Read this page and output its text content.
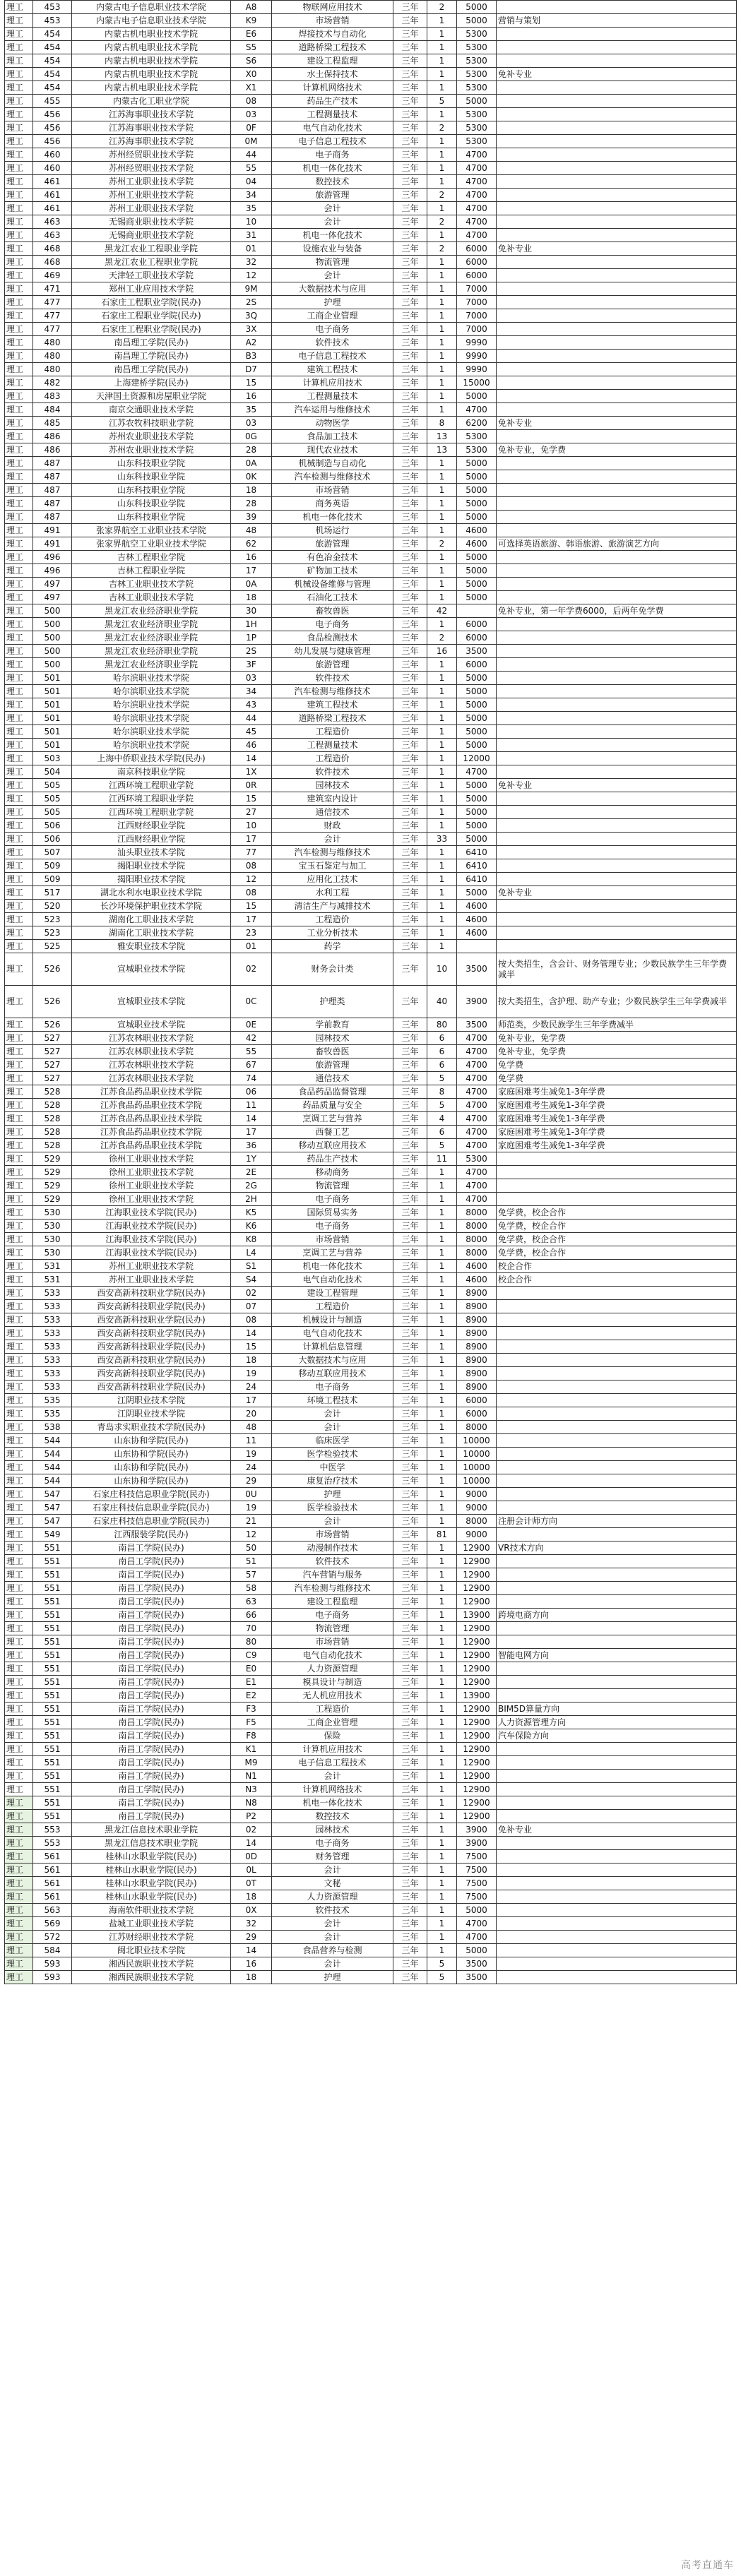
理工	453	内蒙古电子信息职业技术学院	A8	物联网应用技术	三年	2	5000	
理工	453	内蒙古电子信息职业技术学院	K9	市场营销	三年	1	5000	营销与策划
理工	454	内蒙古机电职业技术学院	E6	焊接技术与自动化	三年	1	5300	
理工	454	内蒙古机电职业技术学院	S5	道路桥梁工程技术	三年	1	5300	
理工	454	内蒙古机电职业技术学院	S6	建设工程监理	三年	1	5300	
理工	454	内蒙古机电职业技术学院	X0	水土保持技术	三年	1	5300	免补专业
理工	454	内蒙古机电职业技术学院	X1	计算机网络技术	三年	1	5300	
理工	455	内蒙古化工职业学院	08	药品生产技术	三年	5	5000	
理工	456	江苏海事职业技术学院	03	工程测量技术	三年	1	5300	
理工	456	江苏海事职业技术学院	0F	电气自动化技术	三年	2	5300	
理工	456	江苏海事职业技术学院	0M	电子信息工程技术	三年	1	5300	
理工	460	苏州经贸职业技术学院	44	电子商务	三年	1	4700	
理工	460	苏州经贸职业技术学院	55	机电一体化技术	三年	1	4700	
理工	461	苏州工业职业技术学院	04	数控技术	三年	1	4700	
理工	461	苏州工业职业技术学院	34	旅游管理	三年	2	4700	
理工	461	苏州工业职业技术学院	35	会计	三年	1	4700	
理工	463	无锡商业职业技术学院	10	会计	三年	2	4700	
理工	463	无锡商业职业技术学院	31	机电一体化技术	三年	1	4700	
理工	468	黑龙江农业工程职业学院	01	设施农业与装备	三年	2	6000	免补专业
理工	468	黑龙江农业工程职业学院	32	物流管理	三年	1	6000	
理工	469	天津轻工职业技术学院	12	会计	三年	1	6000	
理工	471	郑州工业应用技术学院	9M	大数据技术与应用	三年	1	7000	
理工	477	石家庄工程职业学院(民办)	2S	护理	三年	1	7000	
理工	477	石家庄工程职业学院(民办)	3Q	工商企业管理	三年	1	7000	
理工	477	石家庄工程职业学院(民办)	3X	电子商务	三年	1	7000	
理工	480	南昌理工学院(民办)	A2	软件技术	三年	1	9990	
理工	480	南昌理工学院(民办)	B3	电子信息工程技术	三年	1	9990	
理工	480	南昌理工学院(民办)	D7	建筑工程技术	三年	1	9990	
理工	482	上海建桥学院(民办)	15	计算机应用技术	三年	1	15000	
理工	483	天津国土资源和房屋职业学院	16	工程测量技术	三年	1	5000	
理工	484	南京交通职业技术学院	35	汽车运用与维修技术	三年	1	4700	
理工	485	江苏农牧科技职业学院	03	动物医学	三年	8	6200	免补专业
理工	486	苏州农业职业技术学院	0G	食品加工技术	三年	13	5300	
理工	486	苏州农业职业技术学院	28	现代农业技术	三年	13	5300	免补专业，免学费
理工	487	山东科技职业学院	0A	机械制造与自动化	三年	1	5000	
理工	487	山东科技职业学院	0K	汽车检测与维修技术	三年	1	5000	
理工	487	山东科技职业学院	18	市场营销	三年	1	5000	
理工	487	山东科技职业学院	28	商务英语	三年	1	5000	
理工	487	山东科技职业学院	39	机电一体化技术	三年	1	5000	
理工	491	张家界航空工业职业技术学院	48	机场运行	三年	1	4600	
理工	491	张家界航空工业职业技术学院	62	旅游管理	三年	2	4600	可选择英语旅游、韩语旅游、旅游演艺方向
理工	496	吉林工程职业学院	16	有色冶金技术	三年	1	5000	
理工	496	吉林工程职业学院	17	矿物加工技术	三年	1	5000	
理工	497	吉林工业职业技术学院	0A	机械设备维修与管理	三年	1	5000	
理工	497	吉林工业职业技术学院	18	石油化工技术	三年	1	5000	
理工	500	黑龙江农业经济职业学院	30	畜牧兽医	三年	42		免补专业，第一年学费6000，后两年免学费
理工	500	黑龙江农业经济职业学院	1H	电子商务	三年	1	6000	
理工	500	黑龙江农业经济职业学院	1P	食品检测技术	三年	2	6000	
理工	500	黑龙江农业经济职业学院	2S	幼儿发展与健康管理	三年	16	3500	
理工	500	黑龙江农业经济职业学院	3F	旅游管理	三年	1	6000	
理工	501	哈尔滨职业技术学院	03	软件技术	三年	1	5000	
理工	501	哈尔滨职业技术学院	34	汽车检测与维修技术	三年	1	5000	
理工	501	哈尔滨职业技术学院	43	建筑工程技术	三年	1	5000	
理工	501	哈尔滨职业技术学院	44	道路桥梁工程技术	三年	1	5000	
理工	501	哈尔滨职业技术学院	45	工程造价	三年	1	5000	
理工	501	哈尔滨职业技术学院	46	工程测量技术	三年	1	5000	
理工	503	上海中侨职业技术学院(民办)	14	工程造价	三年	1	12000	
理工	504	南京科技职业学院	1X	软件技术	三年	1	4700	
理工	505	江西环境工程职业学院	0R	园林技术	三年	1	5000	免补专业
理工	505	江西环境工程职业学院	15	建筑室内设计	三年	1	5000	
理工	505	江西环境工程职业学院	27	通信技术	三年	1	5000	
理工	506	江西财经职业学院	10	财政	三年	1	5000	
理工	506	江西财经职业学院	17	会计	三年	33	5000	
理工	507	汕头职业技术学院	77	汽车检测与维修技术	三年	1	6410	
理工	509	揭阳职业技术学院	08	宝玉石鉴定与加工	三年	1	6410	
理工	509	揭阳职业技术学院	12	应用化工技术	三年	1	6410	
理工	517	湖北水利水电职业技术学院	08	水利工程	三年	1	5000	免补专业
理工	520	长沙环境保护职业技术学院	15	清洁生产与减排技术	三年	1	4600	
理工	523	湖南化工职业技术学院	17	工程造价	三年	1	4600	
理工	523	湖南化工职业技术学院	23	工业分析技术	三年	1	4600	
理工	525	雅安职业技术学院	01	药学	三年	1		
理工	526	宣城职业技术学院	02	财务会计类	三年	10	3500	按大类招生，含会计、财务管理专业；少数民族学生三年学费减半
理工	526	宣城职业技术学院	0C	护理类	三年	40	3900	按大类招生，含护理、助产专业；少数民族学生三年学费减半
理工	526	宣城职业技术学院	0E	学前教育	三年	80	3500	师范类，少数民族学生三年学费减半
理工	527	江苏农林职业技术学院	42	园林技术	三年	6	4700	免补专业，免学费
理工	527	江苏农林职业技术学院	55	畜牧兽医	三年	6	4700	免补专业，免学费
理工	527	江苏农林职业技术学院	67	旅游管理	三年	6	4700	免学费
理工	527	江苏农林职业技术学院	74	通信技术	三年	5	4700	免学费
理工	528	江苏食品药品职业技术学院	06	食品药品监督管理	三年	8	4700	家庭困难考生减免1-3年学费
理工	528	江苏食品药品职业技术学院	11	药品质量与安全	三年	5	4700	家庭困难考生减免1-3年学费
理工	528	江苏食品药品职业技术学院	14	烹调工艺与营养	三年	4	4700	家庭困难考生减免1-3年学费
理工	528	江苏食品药品职业技术学院	17	西餐工艺	三年	6	4700	家庭困难考生减免1-3年学费
理工	528	江苏食品药品职业技术学院	36	移动互联应用技术	三年	5	4700	家庭困难考生减免1-3年学费
理工	529	徐州工业职业技术学院	1Y	药品生产技术	三年	11	5300	
理工	529	徐州工业职业技术学院	2E	移动商务	三年	1	4700	
理工	529	徐州工业职业技术学院	2G	物流管理	三年	1	4700	
理工	529	徐州工业职业技术学院	2H	电子商务	三年	1	4700	
理工	530	江海职业技术学院(民办)	K5	国际贸易实务	三年	1	8000	免学费，校企合作
理工	530	江海职业技术学院(民办)	K6	电子商务	三年	1	8000	免学费，校企合作
理工	530	江海职业技术学院(民办)	K8	市场营销	三年	1	8000	免学费，校企合作
理工	530	江海职业技术学院(民办)	L4	烹调工艺与营养	三年	1	8000	免学费，校企合作
理工	531	苏州工业职业技术学院	S1	机电一体化技术	三年	1	4600	校企合作
理工	531	苏州工业职业技术学院	S4	电气自动化技术	三年	1	4600	校企合作
理工	533	西安高新科技职业学院(民办)	02	建设工程管理	三年	1	8900	
理工	533	西安高新科技职业学院(民办)	07	工程造价	三年	1	8900	
理工	533	西安高新科技职业学院(民办)	08	机械设计与制造	三年	1	8900	
理工	533	西安高新科技职业学院(民办)	14	电气自动化技术	三年	1	8900	
理工	533	西安高新科技职业学院(民办)	15	计算机信息管理	三年	1	8900	
理工	533	西安高新科技职业学院(民办)	18	大数据技术与应用	三年	1	8900	
理工	533	西安高新科技职业学院(民办)	19	移动互联应用技术	三年	1	8900	
理工	533	西安高新科技职业学院(民办)	24	电子商务	三年	1	8900	
理工	535	江阴职业技术学院	17	环境工程技术	三年	1	6000	
理工	535	江阴职业技术学院	20	会计	三年	1	6000	
理工	538	青岛求实职业技术学院(民办)	48	会计	三年	1	8000	
理工	544	山东协和学院(民办)	11	临床医学	三年	1	10000	
理工	544	山东协和学院(民办)	19	医学检验技术	三年	1	10000	
理工	544	山东协和学院(民办)	24	中医学	三年	1	10000	
理工	544	山东协和学院(民办)	29	康复治疗技术	三年	1	10000	
理工	547	石家庄科技信息职业学院(民办)	0U	护理	三年	1	9000	
理工	547	石家庄科技信息职业学院(民办)	19	医学检验技术	三年	1	9000	
理工	547	石家庄科技信息职业学院(民办)	21	会计	三年	1	8000	注册会计师方向
理工	549	江西服装学院(民办)	12	市场营销	三年	81	9000	
理工	551	南昌工学院(民办)	50	动漫制作技术	三年	1	12900	VR技术方向
理工	551	南昌工学院(民办)	51	软件技术	三年	1	12900	
理工	551	南昌工学院(民办)	57	汽车营销与服务	三年	1	12900	
理工	551	南昌工学院(民办)	58	汽车检测与维修技术	三年	1	12900	
理工	551	南昌工学院(民办)	63	建设工程监理	三年	1	12900	
理工	551	南昌工学院(民办)	66	电子商务	三年	1	13900	跨境电商方向
理工	551	南昌工学院(民办)	70	物流管理	三年	1	12900	
理工	551	南昌工学院(民办)	80	市场营销	三年	1	12900	
理工	551	南昌工学院(民办)	C9	电气自动化技术	三年	1	12900	智能电网方向
理工	551	南昌工学院(民办)	E0	人力资源管理	三年	1	12900	
理工	551	南昌工学院(民办)	E1	模具设计与制造	三年	1	12900	
理工	551	南昌工学院(民办)	E2	无人机应用技术	三年	1	13900	
理工	551	南昌工学院(民办)	F3	工程造价	三年	1	12900	BIM5D算量方向
理工	551	南昌工学院(民办)	F5	工商企业管理	三年	1	12900	人力资源管理方向
理工	551	南昌工学院(民办)	F8	保险	三年	1	12900	汽车保险方向
理工	551	南昌工学院(民办)	K1	计算机应用技术	三年	1	12900	
理工	551	南昌工学院(民办)	M9	电子信息工程技术	三年	1	12900	
理工	551	南昌工学院(民办)	N1	会计	三年	1	12900	
理工	551	南昌工学院(民办)	N3	计算机网络技术	三年	1	12900	
理工	551	南昌工学院(民办)	N8	机电一体化技术	三年	1	12900	
理工	551	南昌工学院(民办)	P2	数控技术	三年	1	12900	
理工	553	黑龙江信息技术职业学院	02	园林技术	三年	1	3900	免补专业
理工	553	黑龙江信息技术职业学院	14	电子商务	三年	1	3900	
理工	561	桂林山水职业学院(民办)	0D	财务管理	三年	1	7500	
理工	561	桂林山水职业学院(民办)	0L	会计	三年	1	7500	
理工	561	桂林山水职业学院(民办)	0T	文秘	三年	1	7500	
理工	561	桂林山水职业学院(民办)	18	人力资源管理	三年	1	7500	
理工	563	海南软件职业技术学院	0X	软件技术	三年	1	5000	
理工	569	盐城工业职业技术学院	32	会计	三年	1	4700	
理工	572	江苏财经职业技术学院	29	会计	三年	1	4700	
理工	584	闽北职业技术学院	14	食品营养与检测	三年	1	5000	
理工	593	湘西民族职业技术学院	16	会计	三年	5	3500	
理工	593	湘西民族职业技术学院	18	护理	三年	5	3500	
高考直通车
